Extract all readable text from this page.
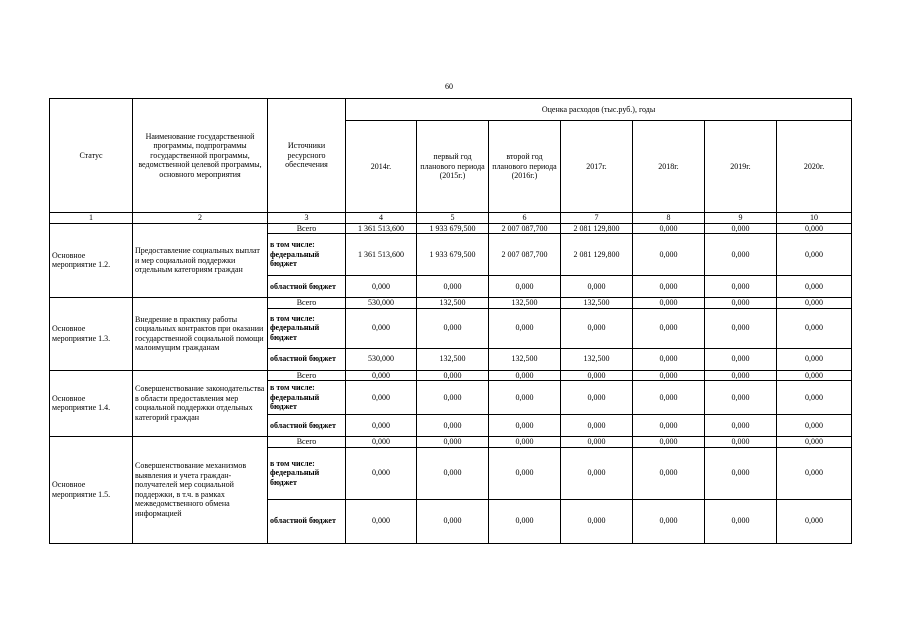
60
Статус	Наименование государственной программы, подпрограммы государственной программы, ведомственной целевой программы, основного мероприятия	Источники ресурсного обеспечения	Оценка расходов (тыс.руб.), годы						
			2014г.	первый год планового периода (2015г.)	второй год планового периода (2016г.)	2017г.	2018г.	2019г.	2020г.
1	2	3	4	5	6	7	8	9	10
Основное мероприятие 1.2.	Предоставление социальных выплат и мер социальной поддержки отдельным категориям граждан	Всего	1 361 513,600	1 933 679,500	2 007 087,700	2 081 129,800	0,000	0,000	0,000
		в том числе: федеральный бюджет	1 361 513,600	1 933 679,500	2 007 087,700	2 081 129,800	0,000	0,000	0,000
		областной бюджет	0,000	0,000	0,000	0,000	0,000	0,000	0,000
Основное мероприятие 1.3.	Внедрение в практику работы социальных контрактов при оказании государственной социальной помощи малоимущим гражданам	Всего	530,000	132,500	132,500	132,500	0,000	0,000	0,000
		в том числе: федеральный бюджет	0,000	0,000	0,000	0,000	0,000	0,000	0,000
		областной бюджет	530,000	132,500	132,500	132,500	0,000	0,000	0,000
Основное мероприятие 1.4.	Совершенствование законодательства в области предоставления мер социальной поддержки отдельных категорий граждан	Всего	0,000	0,000	0,000	0,000	0,000	0,000	0,000
		в том числе: федеральный бюджет	0,000	0,000	0,000	0,000	0,000	0,000	0,000
		областной бюджет	0,000	0,000	0,000	0,000	0,000	0,000	0,000
Основное мероприятие 1.5.	Совершенствование механизмов выявления и учета граждан-получателей мер социальной поддержки, в т.ч. в рамках межведомственного обмена информацией	Всего	0,000	0,000	0,000	0,000	0,000	0,000	0,000
		в том числе: федеральный бюджет	0,000	0,000	0,000	0,000	0,000	0,000	0,000
		областной бюджет	0,000	0,000	0,000	0,000	0,000	0,000	0,000
